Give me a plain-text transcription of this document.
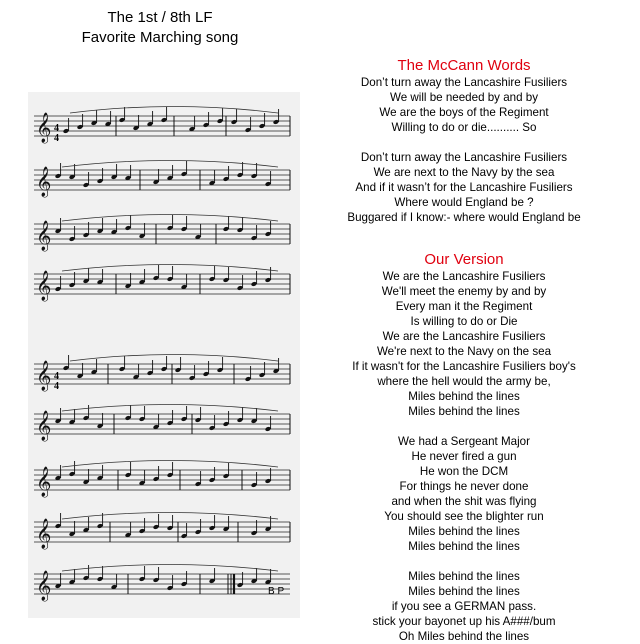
The 1st / 8th LF
Favorite Marching song
𝄞
𝄞
𝄞
𝄞
𝄞
𝄞
𝄞
𝄞
𝄞
4
4
4
4
B P
The McCann Words
Don’t turn away the Lancashire Fusiliers
We will be needed by and by
We are the boys of the Regiment
Willing to do or die.......... So
Don’t turn away the Lancashire Fusiliers
We are next to the Navy by the sea
And if it wasn’t for the Lancashire Fusiliers
Where would England be ?
Buggared if I know:- where would England be
Our Version
We are the Lancashire Fusiliers
We'll meet the enemy by and by
Every man it the Regiment
Is willing to do or Die
We are the Lancashire Fusiliers
We're next to the Navy on the sea
If it wasn't for the Lancashire Fusiliers boy's
where the hell would the army be,
Miles behind the lines
Miles behind the lines
We had a Sergeant Major
He never fired a gun
He won the DCM
For things he never done
and when the shit was flying
You should see the blighter run
Miles behind the lines
Miles behind the lines
Miles behind the lines
Miles behind the lines
if you see a GERMAN pass.
stick your bayonet up his A###/bum
Oh Miles behind the lines
